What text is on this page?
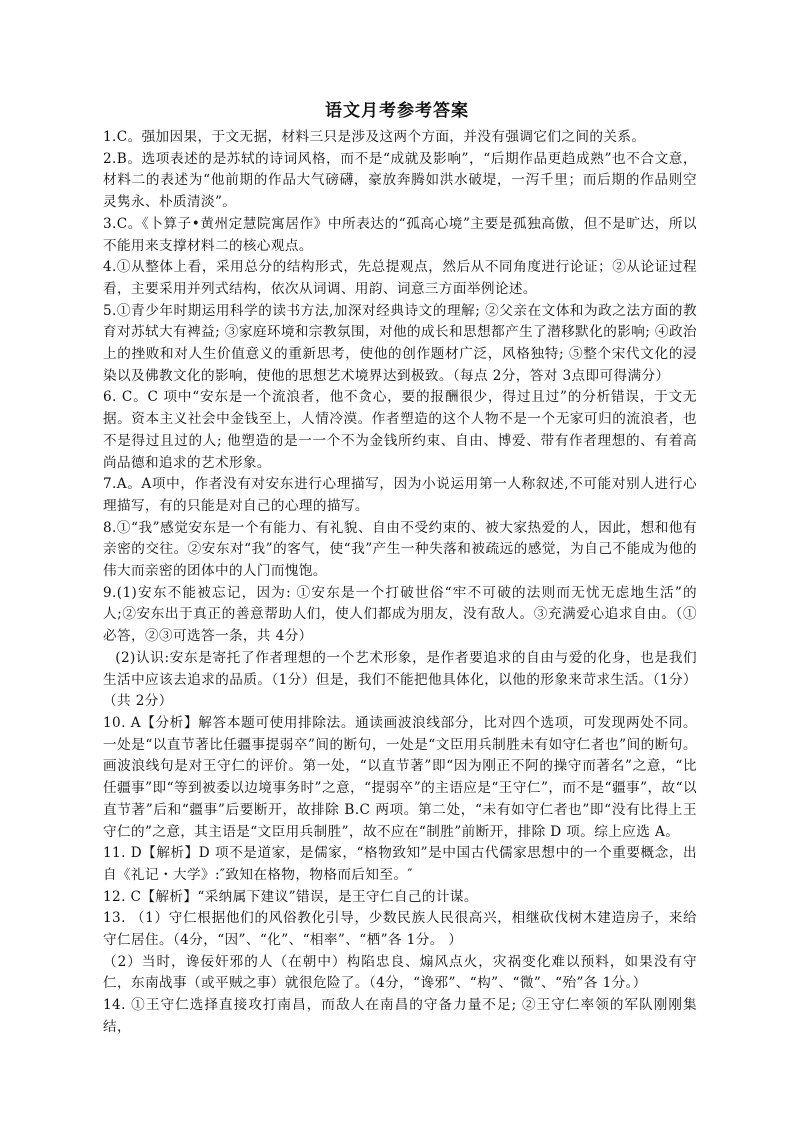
语文月考参考答案

1.C。强加因果，于文无据，材料三只是涉及这两个方面，并没有强调它们之间的关系。

2.B。选项表述的是苏轼的诗词风格，而不是“成就及影响”，“后期作品更趋成熟”也不合文意，材料二的表述为“他前期的作品大气磅礴，豪放奔腾如洪水破堤，一泻千里；而后期的作品则空灵隽永、朴质清淡”。

3.C。《卜算子•黄州定慧院寓居作》中所表达的“孤高心境”主要是孤独高傲，但不是旷达，所以不能用来支撑材料二的核心观点。

4.①从整体上看，采用总分的结构形式，先总提观点，然后从不同角度进行论证；②从论证过程看，主要采用并列式结构，依次从词调、用韵、词意三方面举例论述。

5.①青少年时期运用科学的读书方法,加深对经典诗文的理解; ②父亲在文体和为政之法方面的教育对苏轼大有裨益; ③家庭环境和宗教氛围，对他的成长和思想都产生了潜移默化的影响; ④政治上的挫败和对人生价值意义的重新思考，使他的创作题材广泛，风格独特; ⑤整个宋代文化的浸染以及佛教文化的影响，使他的思想艺术境界达到极致。（每点 2分，答对 3点即可得满分）

6. C。C 项中“安东是一个流浪者，他不贪心，要的报酬很少，得过且过”的分析错误，于文无据。资本主义社会中金钱至上，人情冷漠。作者塑造的这个人物不是一个无家可归的流浪者，也不是得过且过的人; 他塑造的是一一个不为金钱所约束、自由、博爱、带有作者理想的、有着高尚品德和追求的艺术形象。

7.A。A项中，作者没有对安东进行心理描写，因为小说运用第一人称叙述,不可能对别人进行心理描写，有的只能是对自己的心理的描写。

8.①“我”感觉安东是一个有能力、有礼貌、自由不受约束的、被大家热爱的人，因此，想和他有亲密的交往。②安东对“我”的客气，使“我”产生一种失落和被疏远的感觉，为自己不能成为他的伟大而亲密的团体中的人门而愧饱。

9.(1)安东不能被忘记，因为: ①安东是一个打破世俗“牢不可破的法则而无忧无虑地生活”的人;②安东出于真正的善意帮助人们，使人们都成为朋友，没有敌人。③充满爱心追求自由。（①必答，②③可选答一条，共 4分）

(2)认识:安东是寄托了作者理想的一个艺术形象，是作者要追求的自由与爱的化身，也是我们生活中应该去追求的品质。（1分）但是，我们不能把他具体化，以他的形象来苛求生活。（1分）（共 2分）

10. A【分析】解答本题可使用排除法。通读画波浪线部分，比对四个选项，可发现两处不同。一处是“以直节著比任疆事提弱卒”间的断句，一处是“文臣用兵制胜未有如守仁者也”间的断句。画波浪线句是对王守仁的评价。第一处，“以直节著”即“因为刚正不阿的操守而著名”之意，“比任疆事”即“等到被委以边境事务时”之意，“提弱卒”的主语应是“王守仁”，而不是“疆事”，故“以直节著”后和“疆事”后要断开，故排除 B.C 两项。第二处，“未有如守仁者也”即“没有比得上王守仁的”之意，其主语是“文臣用兵制胜”，故不应在“制胜”前断开，排除 D 项。综上应选 A。

11. D【解析】D 项不是道家，是儒家，“格物致知”是中国古代儒家思想中的一个重要概念，出自《礼记・大学》:″致知在格物，物格而后知至。″

12. C【解析】“采纳属下建议”错误，是王守仁自己的计谋。

13. （1）守仁根据他们的风俗教化引导，少数民族人民很高兴，相继砍伐树木建造房子，来给守仁居住。（4分，“因”、“化”、“相率”、“栖”各 1分。 ）

（2）当时，谗佞奸邪的人（在朝中）构陷忠良、煽风点火，灾祸变化难以预料，如果没有守仁，东南战事（或平贼之事）就很危险了。（4分，“谗邪”、“构”、“微”、“殆”各 1分。）

14. ①王守仁选择直接攻打南昌，而敌人在南昌的守备力量不足; ②王守仁率领的军队刚刚集结，
